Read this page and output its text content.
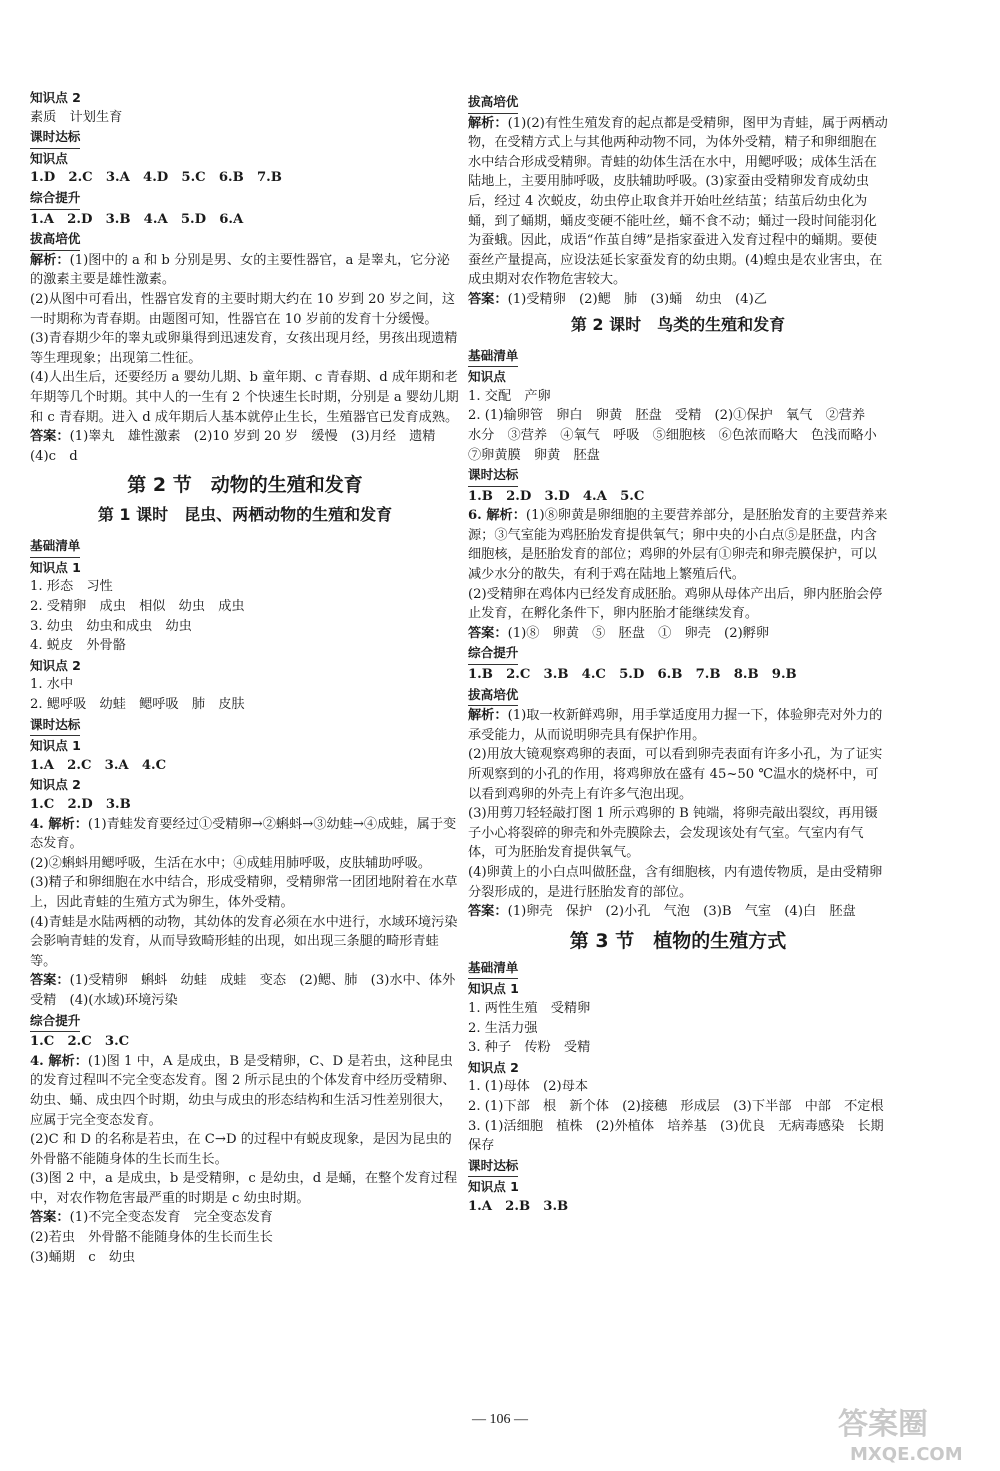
知识点 2
素质　计划生育
课时达标
知识点
1.D　2.C　3.A　4.D　5.C　6.B　7.B
综合提升
1.A　2.D　3.B　4.A　5.D　6.A
拔高培优
解析：(1)图中的 a 和 b 分别是男、女的主要性器官，a 是睾丸，它分泌的激素主要是雄性激素。
(2)从图中可看出，性器官发育的主要时期大约在 10 岁到 20 岁之间，这一时期称为青春期。由题图可知，性器官在 10 岁前的发育十分缓慢。
(3)青春期少年的睾丸或卵巢得到迅速发育，女孩出现月经，男孩出现遗精等生理现象；出现第二性征。
(4)人出生后，还要经历 a 婴幼儿期、b 童年期、c 青春期、d 成年期和老年期等几个时期。其中人的一生有 2 个快速生长时期，分别是 a 婴幼儿期和 c 青春期。进入 d 成年期后人基本就停止生长，生殖器官已发育成熟。
答案：(1)睾丸　雄性激素　(2)10 岁到 20 岁　缓慢　(3)月经　遗精　(4)c　d
第 2 节　动物的生殖和发育
第 1 课时　昆虫、两栖动物的生殖和发育
基础清单
知识点 1
1. 形态　习性
2. 受精卵　成虫　相似　幼虫　成虫
3. 幼虫　幼虫和成虫　幼虫
4. 蜕皮　外骨骼
知识点 2
1. 水中
2. 鳃呼吸　幼蛙　鳃呼吸　肺　皮肤
课时达标
知识点 1
1.A　2.C　3.A　4.C
知识点 2
1.C　2.D　3.B
4. 解析：(1)青蛙发育要经过①受精卵→②蝌蚪→③幼蛙→④成蛙，属于变态发育。
(2)②蝌蚪用鳃呼吸，生活在水中；④成蛙用肺呼吸，皮肤辅助呼吸。
(3)精子和卵细胞在水中结合，形成受精卵，受精卵常一团团地附着在水草上，因此青蛙的生殖方式为卵生，体外受精。
(4)青蛙是水陆两栖的动物，其幼体的发育必须在水中进行，水域环境污染会影响青蛙的发育，从而导致畸形蛙的出现，如出现三条腿的畸形青蛙等。
答案：(1)受精卵　蝌蚪　幼蛙　成蛙　变态　(2)鳃、肺　(3)水中、体外受精　(4)(水域)环境污染
综合提升
1.C　2.C　3.C
4. 解析：(1)图 1 中，A 是成虫，B 是受精卵，C、D 是若虫，这种昆虫的发育过程叫不完全变态发育。图 2 所示昆虫的个体发育中经历受精卵、幼虫、蛹、成虫四个时期，幼虫与成虫的形态结构和生活习性差别很大，应属于完全变态发育。
(2)C 和 D 的名称是若虫，在 C→D 的过程中有蜕皮现象，是因为昆虫的外骨骼不能随身体的生长而生长。
(3)图 2 中，a 是成虫，b 是受精卵，c 是幼虫，d 是蛹，在整个发育过程中，对农作物危害最严重的时期是 c 幼虫时期。
答案：(1)不完全变态发育　完全变态发育
(2)若虫　外骨骼不能随身体的生长而生长
(3)蛹期　c　幼虫
拔高培优
解析：(1)(2)有性生殖发育的起点都是受精卵，图甲为青蛙，属于两栖动物，在受精方式上与其他两种动物不同，为体外受精，精子和卵细胞在水中结合形成受精卵。青蛙的幼体生活在水中，用鳃呼吸；成体生活在陆地上，主要用肺呼吸，皮肤辅助呼吸。(3)家蚕由受精卵发育成幼虫后，经过 4 次蜕皮，幼虫停止取食并开始吐丝结茧；结茧后幼虫化为蛹，到了蛹期，蛹皮变硬不能吐丝，蛹不食不动；蛹过一段时间能羽化为蚕蛾。因此，成语“作茧自缚”是指家蚕进入发育过程中的蛹期。要使蚕丝产量提高，应设法延长家蚕发育的幼虫期。(4)蝗虫是农业害虫，在成虫期对农作物危害较大。
答案：(1)受精卵　(2)鳃　肺　(3)蛹　幼虫　(4)乙
第 2 课时　鸟类的生殖和发育
基础清单
知识点
1. 交配　产卵
2. (1)输卵管　卵白　卵黄　胚盘　受精　(2)①保护　氧气　②营养　水分　③营养　④氧气　呼吸　⑤细胞核　⑥色浓而略大　色浅而略小　⑦卵黄膜　卵黄　胚盘
课时达标
1.B　2.D　3.D　4.A　5.C
6. 解析：(1)⑧卵黄是卵细胞的主要营养部分，是胚胎发育的主要营养来源；③气室能为鸡胚胎发育提供氧气；卵中央的小白点⑤是胚盘，内含细胞核，是胚胎发育的部位；鸡卵的外层有①卵壳和卵壳膜保护，可以减少水分的散失，有利于鸡在陆地上繁殖后代。
(2)受精卵在鸡体内已经发育成胚胎。鸡卵从母体产出后，卵内胚胎会停止发育，在孵化条件下，卵内胚胎才能继续发育。
答案：(1)⑧　卵黄　⑤　胚盘　①　卵壳　(2)孵卵
综合提升
1.B　2.C　3.B　4.C　5.D　6.B　7.B　8.B　9.B
拔高培优
解析：(1)取一枚新鲜鸡卵，用手掌适度用力握一下，体验卵壳对外力的承受能力，从而说明卵壳具有保护作用。
(2)用放大镜观察鸡卵的表面，可以看到卵壳表面有许多小孔，为了证实所观察到的小孔的作用，将鸡卵放在盛有 45~50 ℃温水的烧杯中，可以看到鸡卵的外壳上有许多气泡出现。
(3)用剪刀轻轻敲打图 1 所示鸡卵的 B 钝端，将卵壳敲出裂纹，再用镊子小心将裂碎的卵壳和外壳膜除去，会发现该处有气室。气室内有气体，可为胚胎发育提供氧气。
(4)卵黄上的小白点叫做胚盘，含有细胞核，内有遗传物质，是由受精卵分裂形成的，是进行胚胎发育的部位。
答案：(1)卵壳　保护　(2)小孔　气泡　(3)B　气室　(4)白　胚盘
第 3 节　植物的生殖方式
基础清单
知识点 1
1. 两性生殖　受精卵
2. 生活力强
3. 种子　传粉　受精
知识点 2
1. (1)母体　(2)母本
2. (1)下部　根　新个体　(2)接穗　形成层　(3)下半部　中部　不定根
3. (1)活细胞　植株　(2)外植体　培养基　(3)优良　无病毒感染　长期保存
课时达标
知识点 1
1.A　2.B　3.B
— 106 —	答案圈
MXQE.COM
